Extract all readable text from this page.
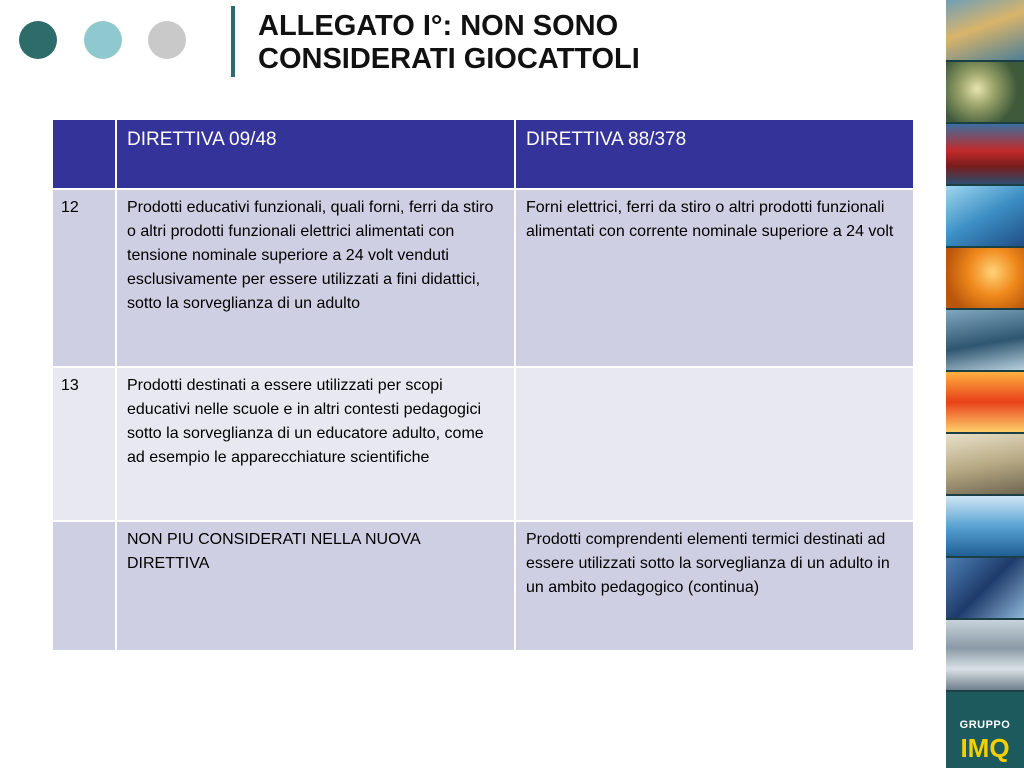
ALLEGATO I°: NON SONO
CONSIDERATI GIOCATTOLI
	DIRETTIVA 09/48	DIRETTIVA 88/378
12	Prodotti educativi funzionali, quali forni, ferri da stiro o altri prodotti funzionali elettrici alimentati con tensione nominale superiore a 24 volt venduti esclusivamente per essere utilizzati a fini didattici, sotto la sorveglianza di un adulto	Forni elettrici, ferri da stiro o altri prodotti funzionali alimentati con corrente nominale superiore a 24 volt
13	Prodotti destinati a essere utilizzati per scopi educativi nelle scuole e in altri contesti pedagogici sotto la sorveglianza di un educatore adulto, come ad esempio le apparecchiature scientifiche	
	NON PIU CONSIDERATI NELLA NUOVA DIRETTIVA	Prodotti comprendenti elementi termici destinati ad essere utilizzati sotto la sorveglianza di un adulto in un ambito pedagogico (continua)
GRUPPO
IMQ
